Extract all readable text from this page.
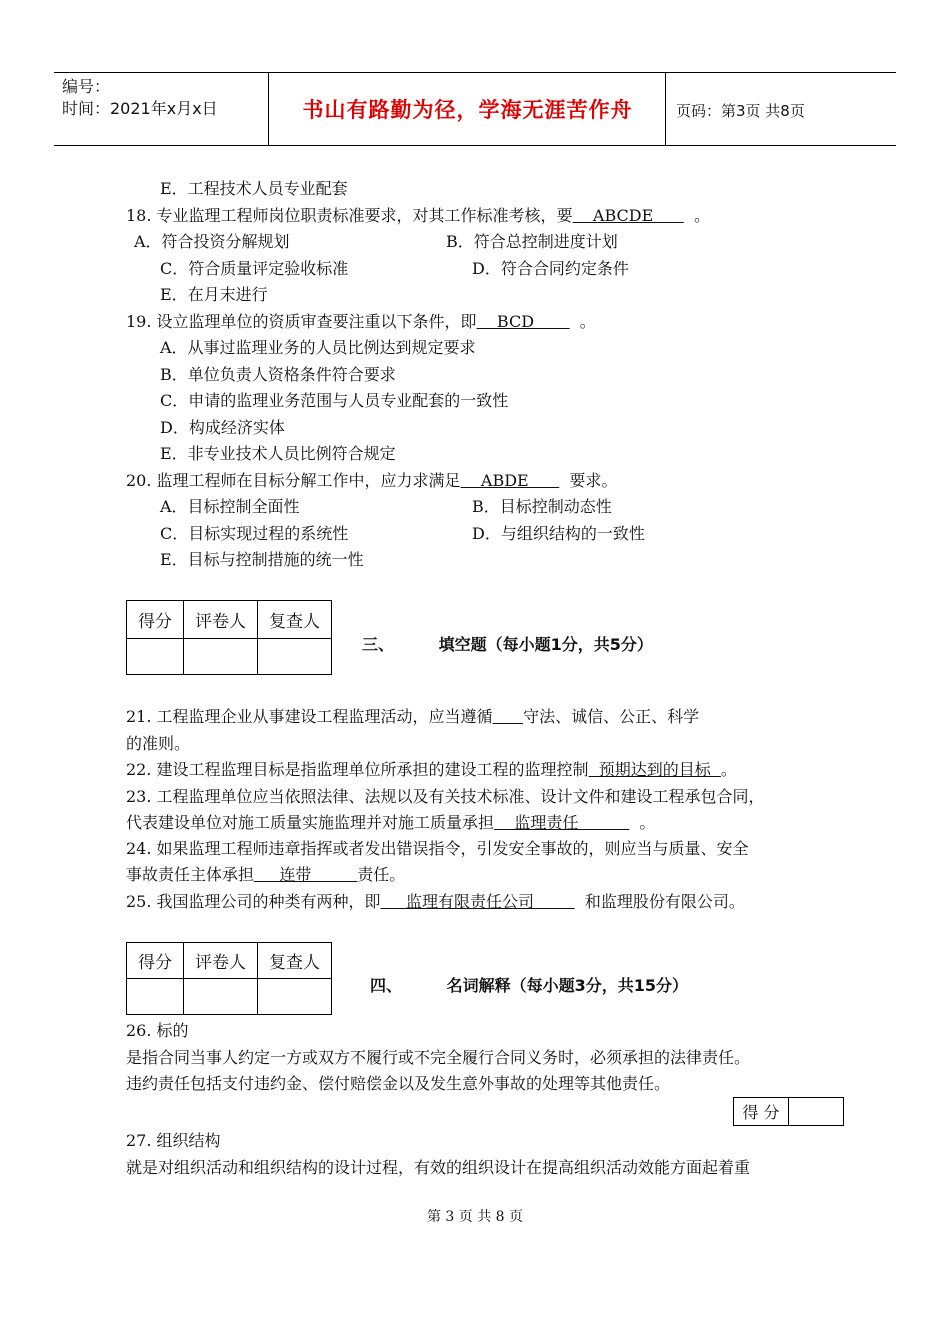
编号：
时间：2021年x月x日	书山有路勤为径，学海无涯苦作舟	页码：第3页 共8页
E．工程技术人员专业配套
18. 专业监理工程师岗位职责标准要求，对其工作标准考核，要    ABCDE        。
A．符合投资分解规划	B．符合总控制进度计划
C．符合质量评定验收标准	D．符合合同约定条件
E．在月末进行
19. 设立监理单位的资质审查要注重以下条件，即    BCD         。
A．从事过监理业务的人员比例达到规定要求
B．单位负责人资格条件符合要求
C．申请的监理业务范围与人员专业配套的一致性
D．构成经济实体
E．非专业技术人员比例符合规定
20. 监理工程师在目标分解工作中，应力求满足    ABDE        要求。
A．目标控制全面性	B．目标控制动态性
C．目标实现过程的系统性	D．与组织结构的一致性
E．目标与控制措施的统一性
得分	评卷人	复查人

三、        填空题（每小题1分，共5分）
21. 工程监理企业从事建设工程监理活动，应当遵循 守法、诚信、公正、科学
的准则。
22. 建设工程监理目标是指监理单位所承担的建设工程的监理控制  预期达到的目标  。
23. 工程监理单位应当依照法律、法规以及有关技术标准、设计文件和建设工程承包合同，
代表建设单位对施工质量实施监理并对施工质量承担    监理责任            。
24. 如果监理工程师违章指挥或者发出错误指令，引发安全事故的，则应当与质量、安全
事故责任主体承担     连带         责任。
25. 我国监理公司的种类有两种，即     监理有限责任公司          和监理股份有限公司。
得分	评卷人	复查人

四、        名词解释（每小题3分，共15分）
26. 标的
是指合同当事人约定一方或双方不履行或不完全履行合同义务时，必须承担的法律责任。
违约责任包括支付违约金、偿付赔偿金以及发生意外事故的处理等其他责任。
得 分	
27. 组织结构
就是对组织活动和组织结构的设计过程，有效的组织设计在提高组织活动效能方面起着重
第 3 页 共 8 页
